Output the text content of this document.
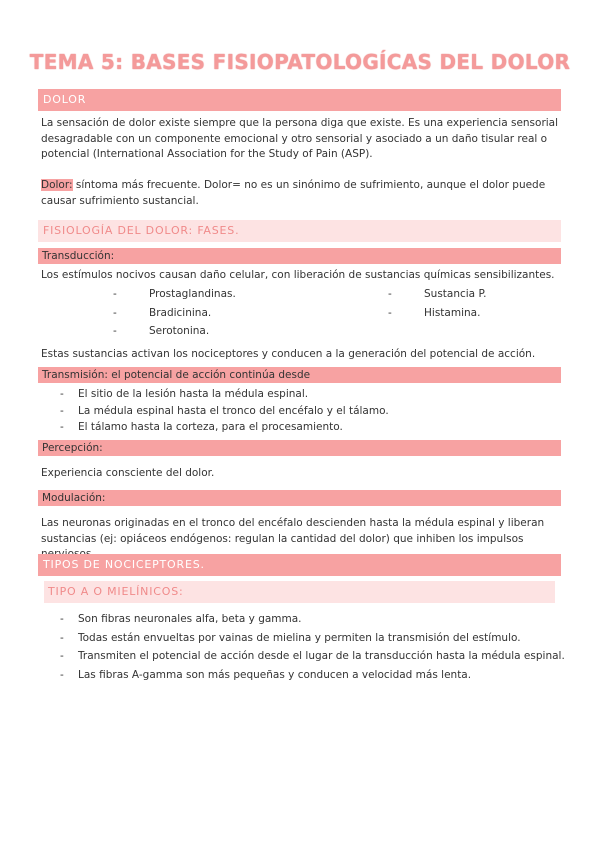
TEMA 5: BASES FISIOPATOLOGÍCAS DEL DOLOR
DOLOR

La sensación de dolor existe siempre que la persona diga que existe. Es una experiencia sensorial desagradable con un componente emocional y otro sensorial y asociado a un daño tisular real o potencial (International Association for the Study of Pain (ASP).

Dolor: síntoma más frecuente. Dolor= no es un sinónimo de sufrimiento, aunque el dolor puede causar sufrimiento sustancial.

FISIOLOGÍA DEL DOLOR: FASES.
Transducción:

Los estímulos nocivos causan daño celular, con liberación de sustancias químicas sensibilizantes.

-	Prostaglandinas.
-	Bradicinina.
-	Serotonina.
-	Sustancia P.
-	Histamina.

Estas sustancias activan los nociceptores y conducen a la generación del potencial de acción.

Transmisión: el potencial de acción continúa desde
- El sitio de la lesión hasta la médula espinal.
- La médula espinal hasta el tronco del encéfalo y el tálamo.
- El tálamo hasta la corteza, para el procesamiento.
Percepción:

Experiencia consciente del dolor.

Modulación:

Las neuronas originadas en el tronco del encéfalo descienden hasta la médula espinal y liberan sustancias (ej: opiáceos endógenos: regulan la cantidad del dolor) que inhiben los impulsos

TIPOS DE NOCICEPTORES.
TIPO A O MIELÍNICOS:
- Son fibras neuronales alfa, beta y gamma.
- Todas están envueltas por vainas de mielina y permiten la transmisión del estímulo.
- Transmiten el potencial de acción desde el lugar de la transducción hasta la médula espinal.
- Las fibras A-gamma son más pequeñas y conducen a velocidad más lenta.
